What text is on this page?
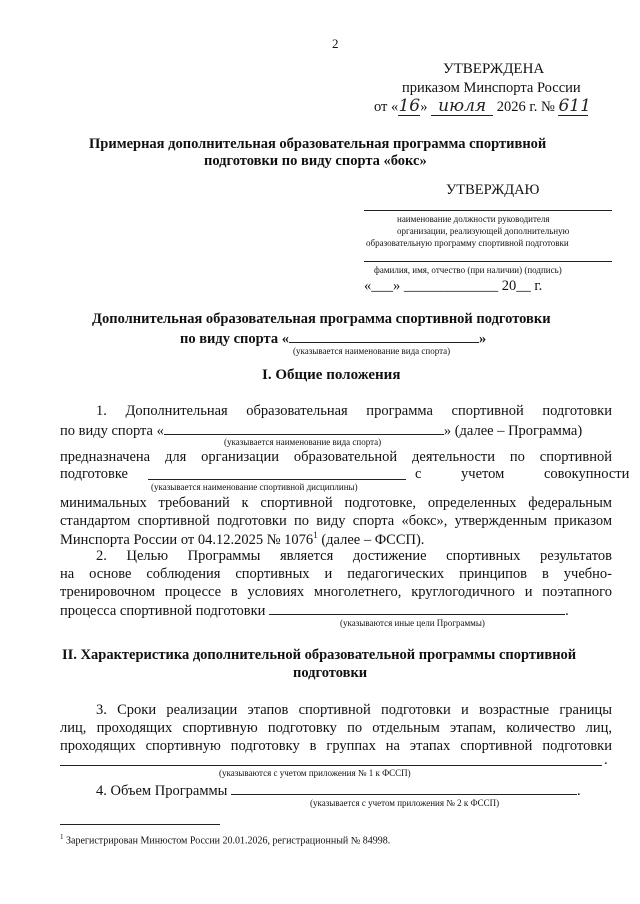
2
УТВЕРЖДЕНА
приказом Минспорта России
от «16» июля 2026 г. № 611
Примерная дополнительная образовательная программа спортивной
подготовки по виду спорта «бокс»
УТВЕРЖДАЮ
наименование должности руководителя
организации, реализующей дополнительную
образовательную программу спортивной подготовки
фамилия, имя, отчество (при наличии) (подпись)
«___» _____________ 20__ г.
Дополнительная образовательная программа спортивной подготовки
по виду спорта «	»
(указывается наименование вида спорта)
I. Общие положения
1. Дополнительная образовательная программа спортивной подготовки
по виду спорта «	» (далее – Программа)
(указывается наименование вида спорта)
предназначена для организации образовательной деятельности по спортивной
подготовке	с учетом совокупности
(указывается наименование спортивной дисциплины)
минимальных требований к спортивной подготовке, определенных федеральным
стандартом спортивной подготовки по виду спорта «бокс», утвержденным приказом
Минспорта России от 04.12.2025 № 1076$^1$ (далее – ФССП).
2. Целью Программы является достижение спортивных результатов
на основе соблюдения спортивных и педагогических принципов в учебно-
тренировочном процессе в условиях многолетнего, круглогодичного и поэтапного
процесса спортивной подготовки	.
(указываются иные цели Программы)
II. Характеристика дополнительной образовательной программы спортивной
подготовки
3. Сроки реализации этапов спортивной подготовки и возрастные границы
лиц, проходящих спортивную подготовку по отдельным этапам, количество лиц,
проходящих спортивную подготовку в группах на этапах спортивной подготовки
.
(указываются с учетом приложения № 1 к ФССП)
4. Объем Программы	.
(указывается с учетом приложения № 2 к ФССП)
$^1$ Зарегистрирован Минюстом России 20.01.2026, регистрационный № 84998.
